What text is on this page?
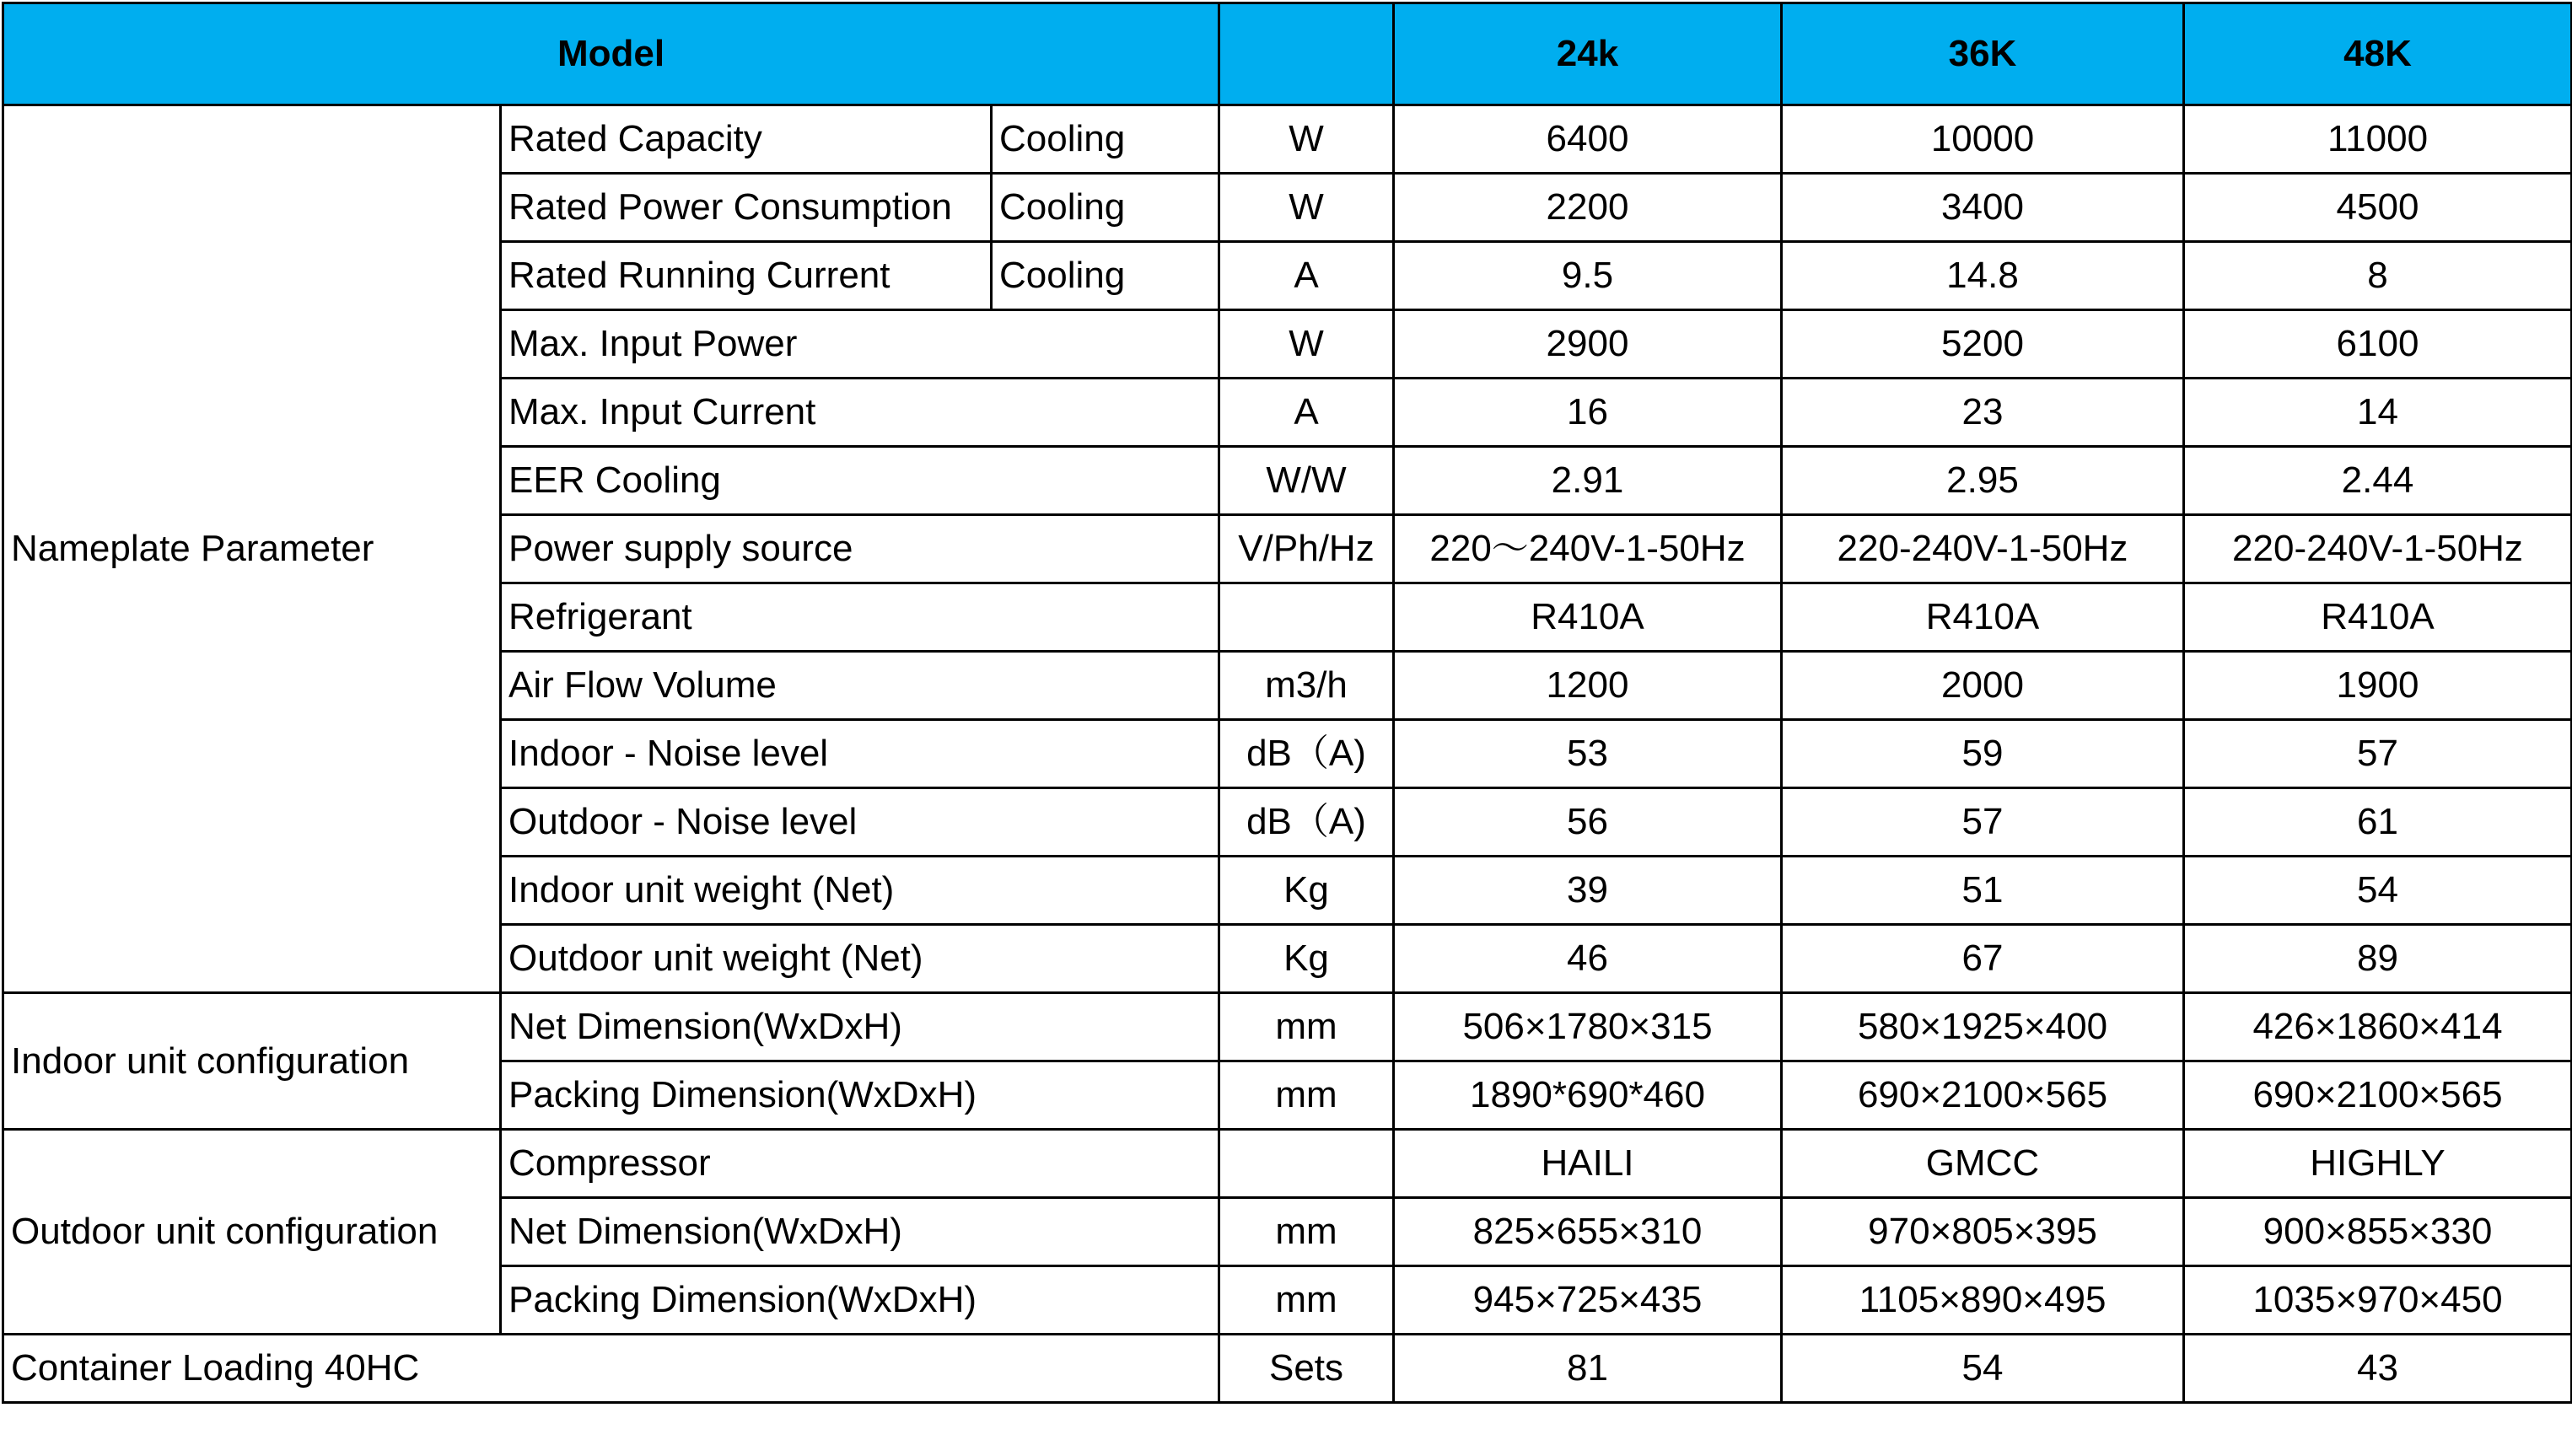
Model				24k	36K	48K
Nameplate Parameter	Rated Capacity	Cooling	W	6400	10000	11000
	Rated Power Consumption	Cooling	W	2200	3400	4500
	Rated Running Current	Cooling	A	9.5	14.8	8
	Max. Input Power		W	2900	5200	6100
	Max. Input Current		A	16	23	14
	EER Cooling		W/W	2.91	2.95	2.44
	Power supply source		V/Ph/Hz	220～240V-1-50Hz	220-240V-1-50Hz	220-240V-1-50Hz
	Refrigerant			R410A	R410A	R410A
	Air Flow Volume		m3/h	1200	2000	1900
	Indoor - Noise level		dB（A)	53	59	57
	Outdoor - Noise level		dB（A)	56	57	61
	Indoor unit weight (Net)		Kg	39	51	54
	Outdoor unit weight (Net)		Kg	46	67	89
Indoor unit configuration	Net Dimension(WxDxH)		mm	506×1780×315	580×1925×400	426×1860×414
	Packing Dimension(WxDxH)		mm	1890*690*460	690×2100×565	690×2100×565
Outdoor unit configuration	Compressor			HAILI	GMCC	HIGHLY
	Net Dimension(WxDxH)		mm	825×655×310	970×805×395	900×855×330
	Packing Dimension(WxDxH)		mm	945×725×435	1105×890×495	1035×970×450
Container Loading 40HC			Sets	81	54	43
